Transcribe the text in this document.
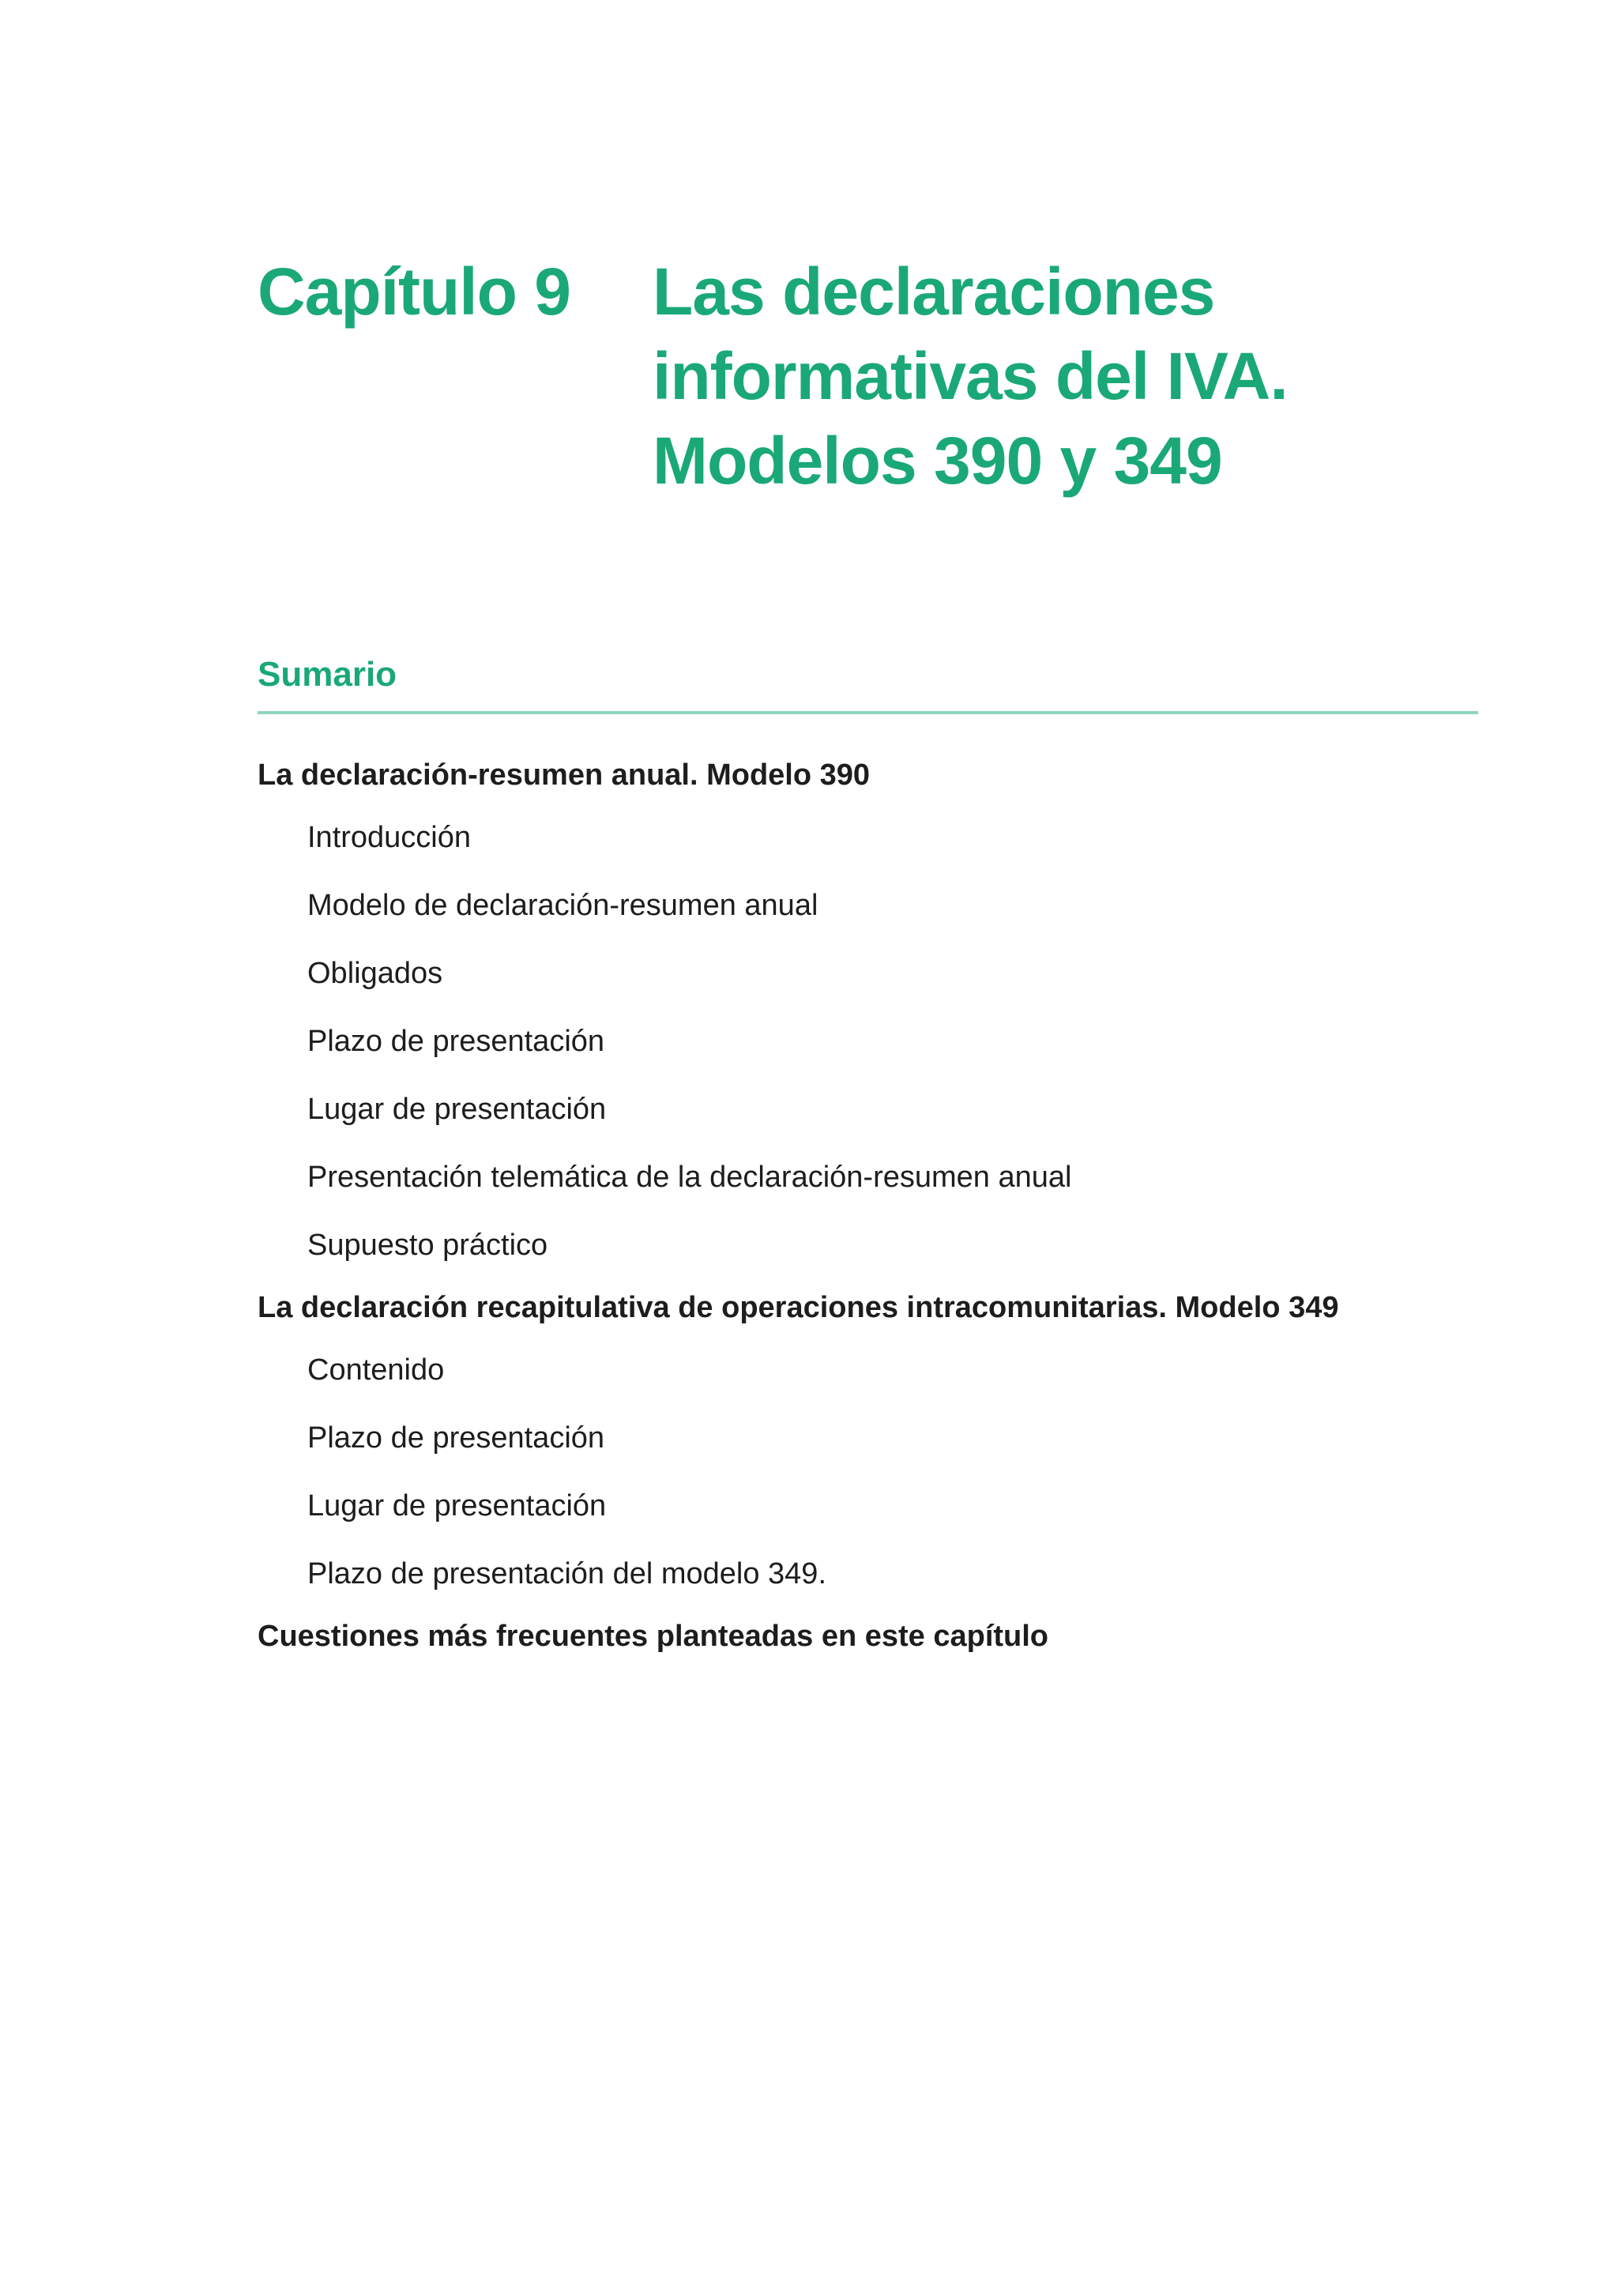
Capítulo 9 Las declaraciones
informativas del IVA.
Modelos 390 y 349
Sumario
La declaración-resumen anual. Modelo 390
Introducción
Modelo de declaración-resumen anual
Obligados
Plazo de presentación
Lugar de presentación
Presentación telemática de la declaración-resumen anual
Supuesto práctico
La declaración recapitulativa de operaciones intracomunitarias. Modelo 349
Contenido
Plazo de presentación
Lugar de presentación
Plazo de presentación del modelo 349.
Cuestiones más frecuentes planteadas en este capítulo
